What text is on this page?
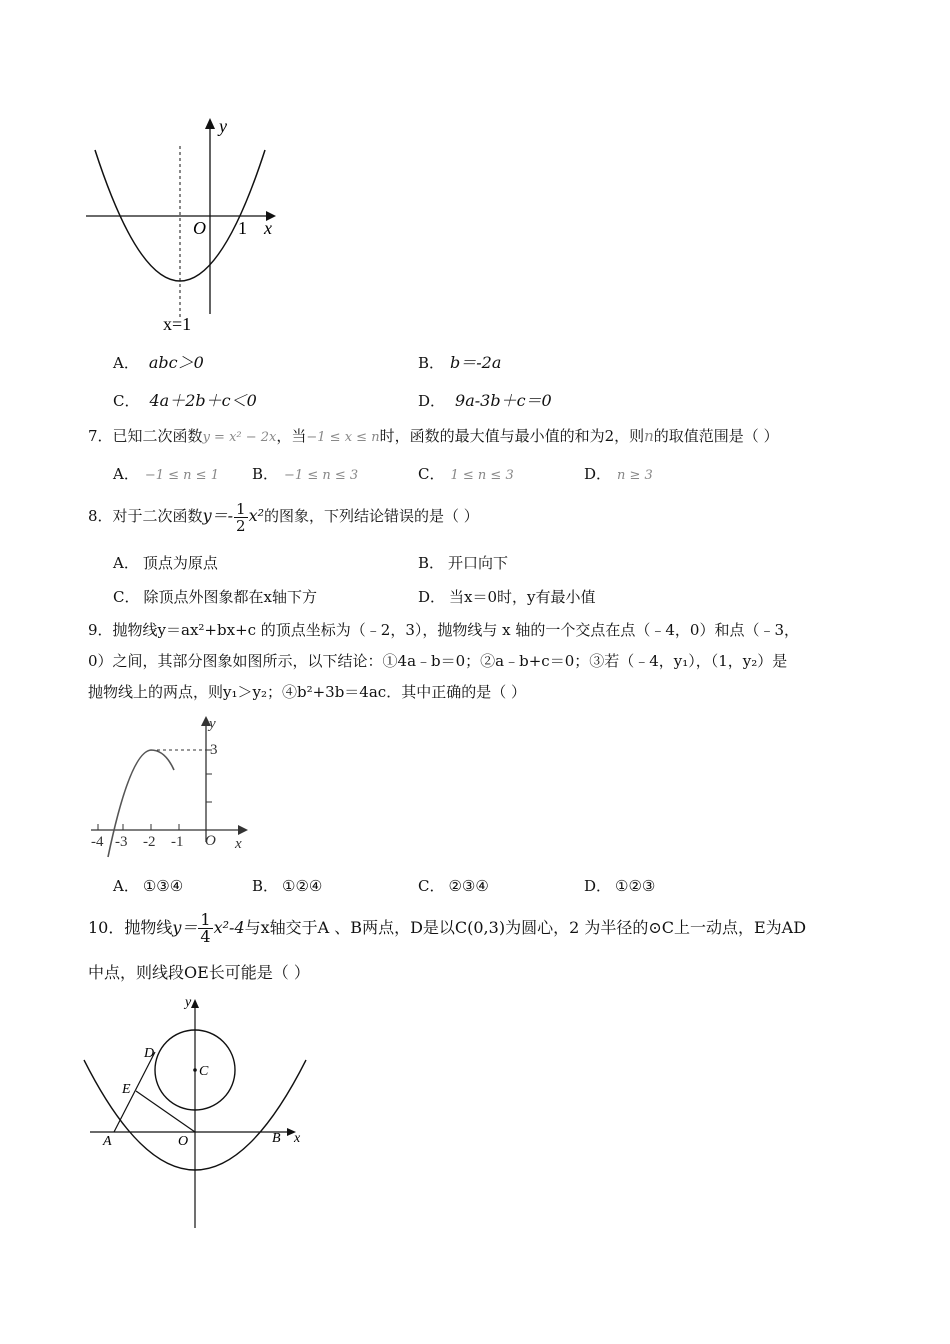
y
x
O 1
x=1
A． abc＞0	B． b＝-2a
C． 4a＋2b＋c＜0	D． 9a-3b＋c＝0
7．已知二次函数y = x² − 2x，当−1 ≤ x ≤ n时，函数的最大值与最小值的和为2，则n的取值范围是（ ）
A． −1 ≤ n ≤ 1 B． −1 ≤ n ≤ 3	C． 1 ≤ n ≤ 3	D． n ≥ 3
8．对于二次函数$y=- \frac{1}{2} x^2$的图象，下列结论错误的是（ ）
A． 顶点为原点	B． 开口向下
C． 除顶点外图象都在x轴下方	D． 当x＝0时，y有最小值
9．抛物线y＝ax²+bx+c 的顶点坐标为（﹣2，3），抛物线与 x 轴的一个交点在点（﹣4，0）和点（﹣3，
0）之间，其部分图象如图所示，以下结论：①4a﹣b＝0；②a﹣b+c＝0；③若（﹣4，y₁），（1，y₂）是
抛物线上的两点，则y₁＞y₂；④b²+3b＝4ac．其中正确的是（ ）
y
3
x
O
-4 -3 -2 -1
A． ①③④	B． ①②④	C． ②③④	D． ①②③
10．抛物线$y= \frac{1}{4} x^2-4$与x轴交于A 、B两点，D是以C(0,3)为圆心，2 为半径的⊙C上一动点，E为AD
中点，则线段OE长可能是（ ）
y
x
A	O	B
C
D
E
